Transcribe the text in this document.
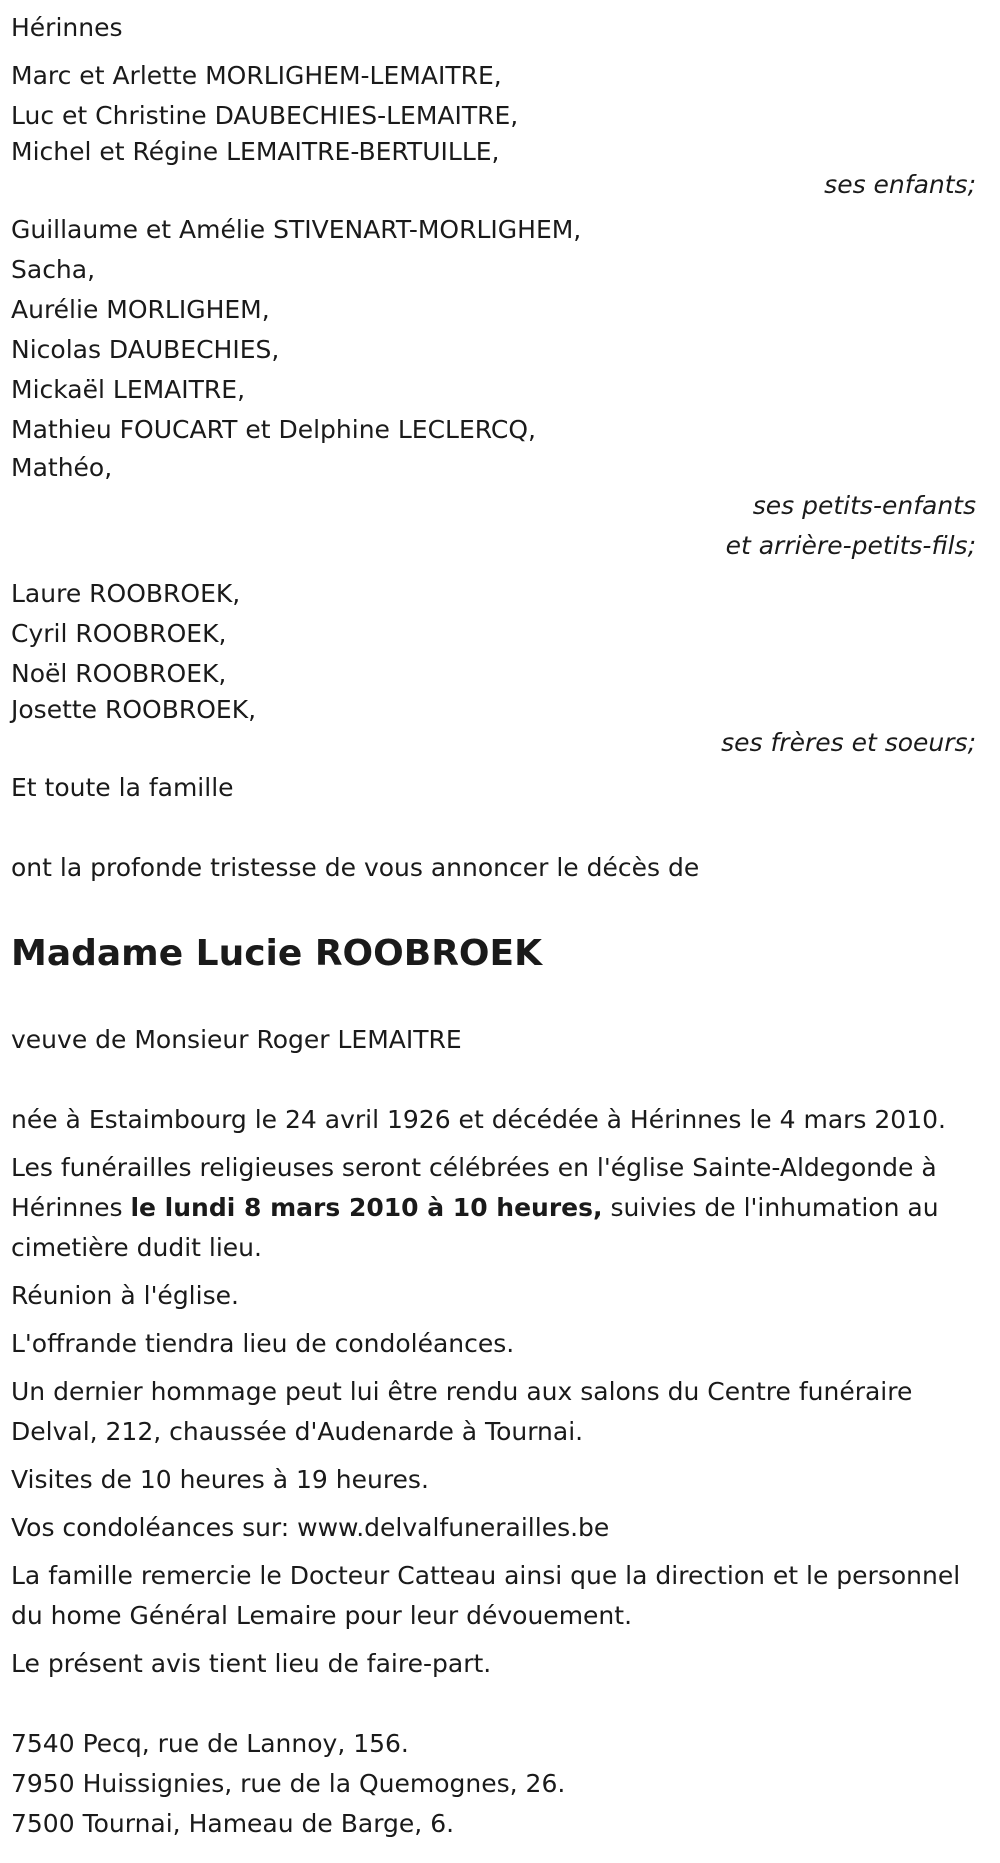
Hérinnes
Marc et Arlette MORLIGHEM-LEMAITRE,
Luc et Christine DAUBECHIES-LEMAITRE,
Michel et Régine LEMAITRE-BERTUILLE,
ses enfants;
Guillaume et Amélie STIVENART-MORLIGHEM,
Sacha,
Aurélie MORLIGHEM,
Nicolas DAUBECHIES,
Mickaël LEMAITRE,
Mathieu FOUCART et Delphine LECLERCQ,
Mathéo,
ses petits-enfants
et arrière-petits-fils;
Laure ROOBROEK,
Cyril ROOBROEK,
Noël ROOBROEK,
Josette ROOBROEK,
ses frères et soeurs;
Et toute la famille
ont la profonde tristesse de vous annoncer le décès de
Madame Lucie ROOBROEK
veuve de Monsieur Roger LEMAITRE

née à Estaimbourg le 24 avril 1926 et décédée à Hérinnes le 4 mars 2010.

Les funérailles religieuses seront célébrées en l'église Sainte-Aldegonde à Hérinnes le lundi 8 mars 2010 à 10 heures, suivies de l'inhumation au cimetière dudit lieu.

Réunion à l'église.

L'offrande tiendra lieu de condoléances.

Un dernier hommage peut lui être rendu aux salons du Centre funéraire Delval, 212, chaussée d'Audenarde à Tournai.

Visites de 10 heures à 19 heures.

Vos condoléances sur: www.delvalfunerailles.be

La famille remercie le Docteur Catteau ainsi que la direction et le personnel du home Général Lemaire pour leur dévouement.

Le présent avis tient lieu de faire-part.

7540 Pecq, rue de Lannoy, 156.
7950 Huissignies, rue de la Quemognes, 26.
7500 Tournai, Hameau de Barge, 6.
